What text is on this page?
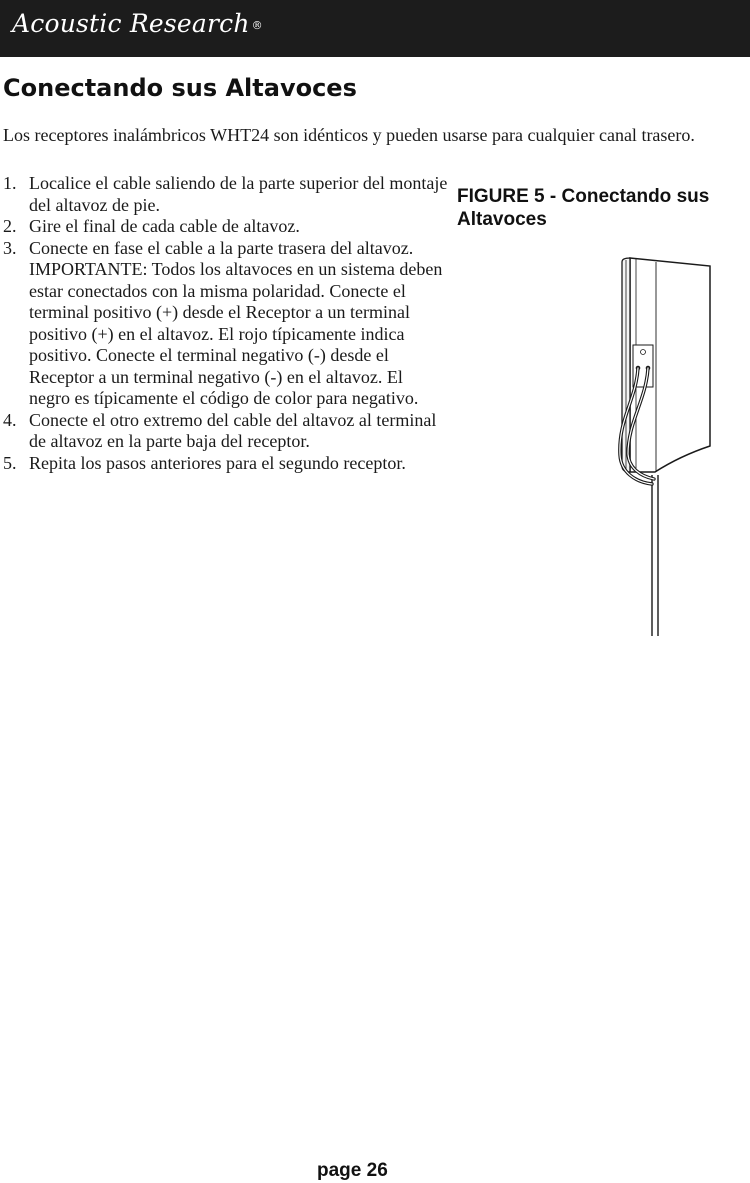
Acoustic Research ®
Conectando sus Altavoces

Los receptores inalámbricos WHT24 son idénticos y pueden usarse para cualquier canal trasero.

1. Localice el cable saliendo de la parte superior del montaje del altavoz de pie.
2. Gire el final de cada cable de altavoz.
3. Conecte en fase el cable a la parte trasera del altavoz. IMPORTANTE: Todos los altavoces en un sistema deben estar conectados con la misma polaridad. Conecte el terminal positivo (+) desde el Receptor a un terminal positivo (+) en el altavoz. El rojo típicamente indica positivo. Conecte el terminal negativo (-) desde el Receptor a un terminal negativo (-) en el altavoz. El negro es típicamente el código de color para negativo.
4. Conecte el otro extremo del cable del altavoz al terminal de altavoz en la parte baja del receptor.
5. Repita los pasos anteriores para el segundo receptor.

FIGURE 5 - Conectando sus Altavoces

page 26
